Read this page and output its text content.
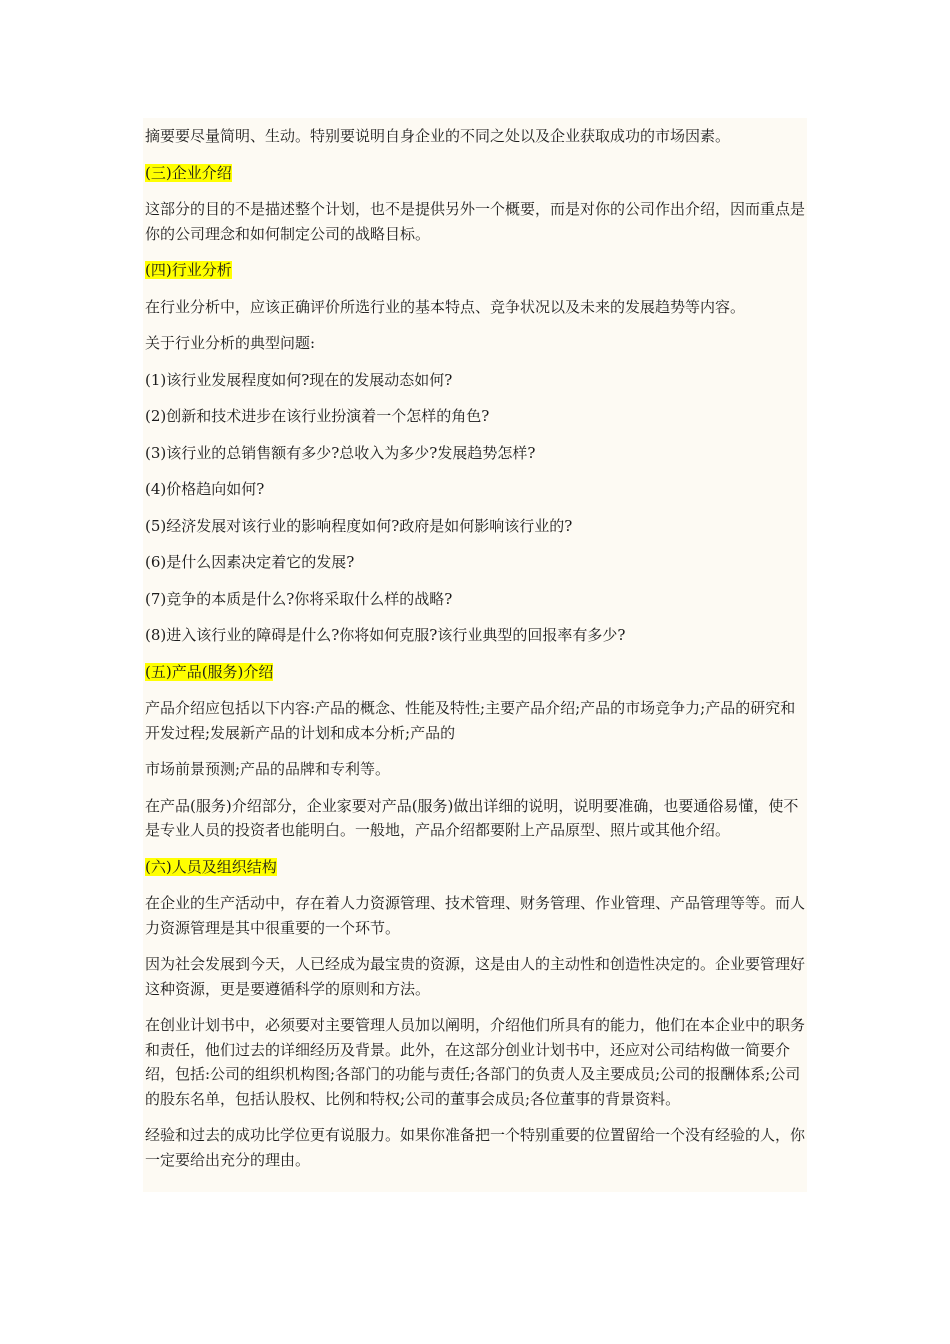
摘要要尽量简明、生动。特别要说明自身企业的不同之处以及企业获取成功的市场因素。

(三)企业介绍

这部分的目的不是描述整个计划，也不是提供另外一个概要，而是对你的公司作出介绍，因而重点是你的公司理念和如何制定公司的战略目标。

(四)行业分析

在行业分析中，应该正确评价所选行业的基本特点、竞争状况以及未来的发展趋势等内容。

关于行业分析的典型问题:

(1)该行业发展程度如何?现在的发展动态如何?

(2)创新和技术进步在该行业扮演着一个怎样的角色?

(3)该行业的总销售额有多少?总收入为多少?发展趋势怎样?

(4)价格趋向如何?

(5)经济发展对该行业的影响程度如何?政府是如何影响该行业的?

(6)是什么因素决定着它的发展?

(7)竞争的本质是什么?你将采取什么样的战略?

(8)进入该行业的障碍是什么?你将如何克服?该行业典型的回报率有多少?

(五)产品(服务)介绍

产品介绍应包括以下内容:产品的概念、性能及特性;主要产品介绍;产品的市场竞争力;产品的研究和开发过程;发展新产品的计划和成本分析;产品的

市场前景预测;产品的品牌和专利等。

在产品(服务)介绍部分，企业家要对产品(服务)做出详细的说明，说明要准确，也要通俗易懂，使不是专业人员的投资者也能明白。一般地，产品介绍都要附上产品原型、照片或其他介绍。

(六)人员及组织结构

在企业的生产活动中，存在着人力资源管理、技术管理、财务管理、作业管理、产品管理等等。而人力资源管理是其中很重要的一个环节。

因为社会发展到今天，人已经成为最宝贵的资源，这是由人的主动性和创造性决定的。企业要管理好这种资源，更是要遵循科学的原则和方法。

在创业计划书中，必须要对主要管理人员加以阐明，介绍他们所具有的能力，他们在本企业中的职务和责任，他们过去的详细经历及背景。此外，在这部分创业计划书中，还应对公司结构做一简要介绍，包括:公司的组织机构图;各部门的功能与责任;各部门的负责人及主要成员;公司的报酬体系;公司的股东名单，包括认股权、比例和特权;公司的董事会成员;各位董事的背景资料。

经验和过去的成功比学位更有说服力。如果你准备把一个特别重要的位置留给一个没有经验的人，你一定要给出充分的理由。
